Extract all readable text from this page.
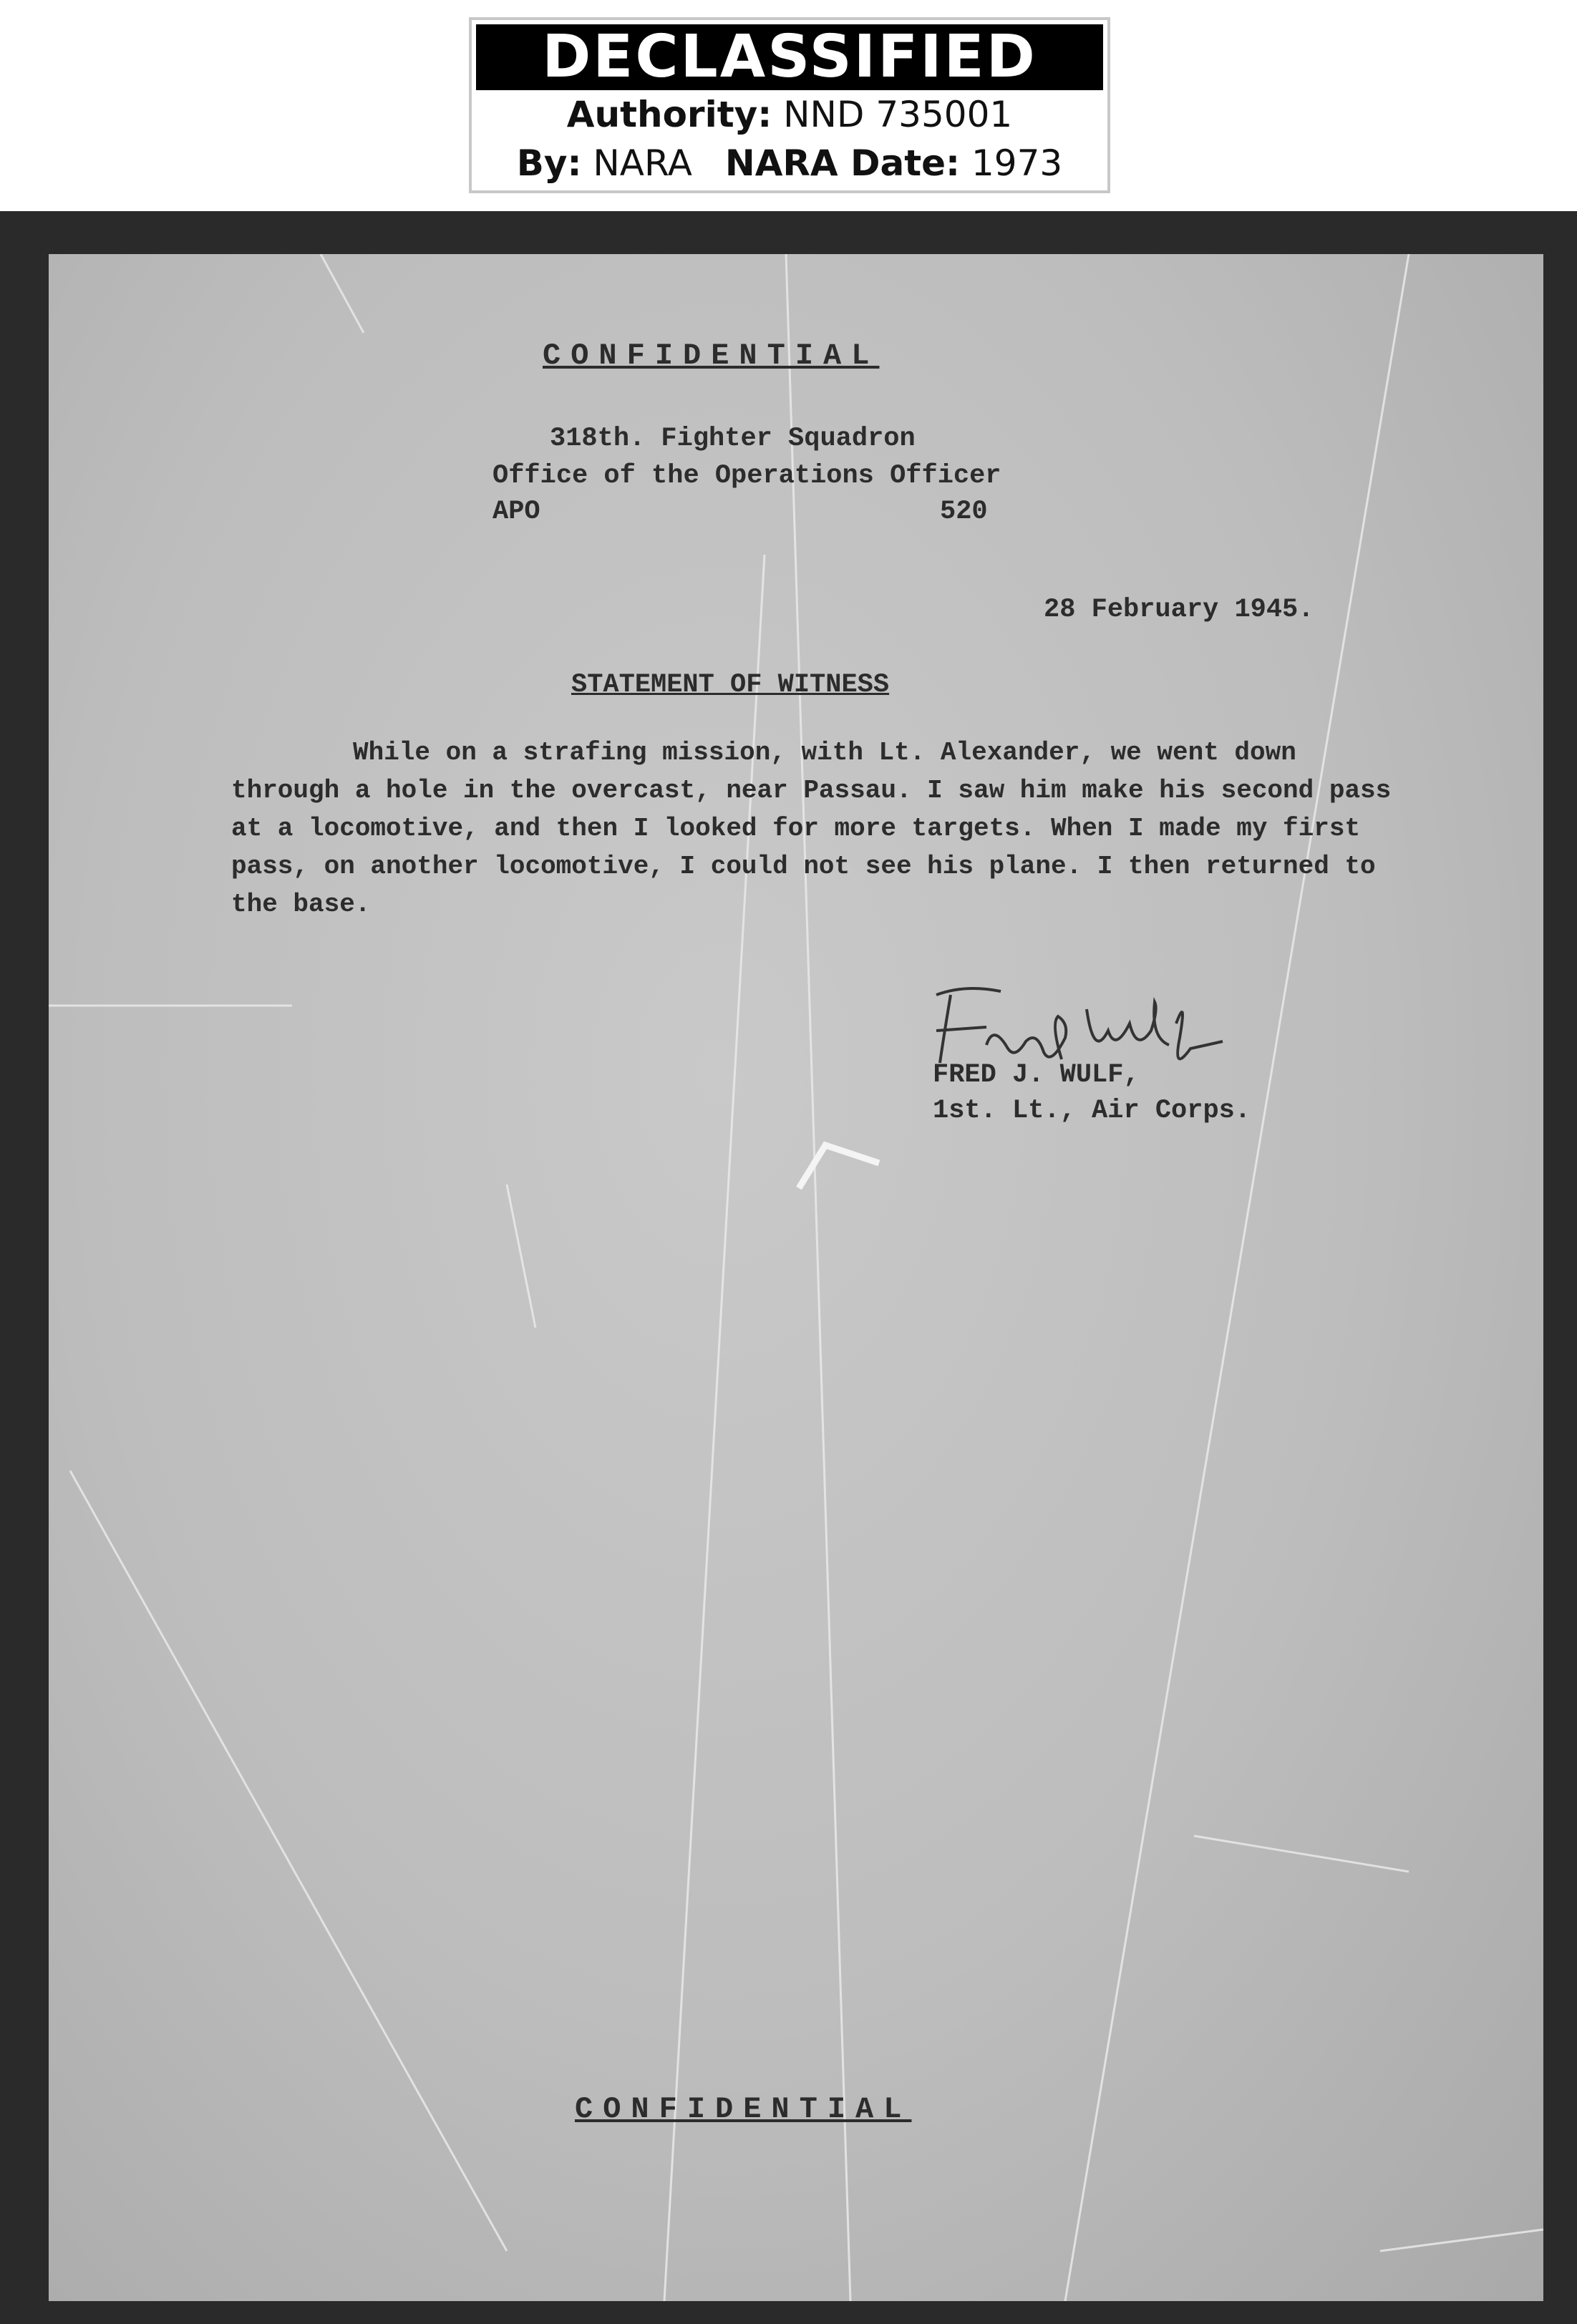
DECLASSIFIED
Authority: NND 735001
By: NARA NARA Date: 1973
CONFIDENTIAL
318th. Fighter Squadron
Office of the Operations Officer
APO	520
28 February 1945.
STATEMENT OF WITNESS
While on a strafing mission, with Lt. Alexander, we went down through a hole in the overcast, near Passau. I saw him make his second pass at a locomotive, and then I looked for more targets. When I made my first pass, on another locomotive, I could not see his plane. I then returned to the base.
FRED J. WULF,
1st. Lt., Air Corps.
CONFIDENTIAL
